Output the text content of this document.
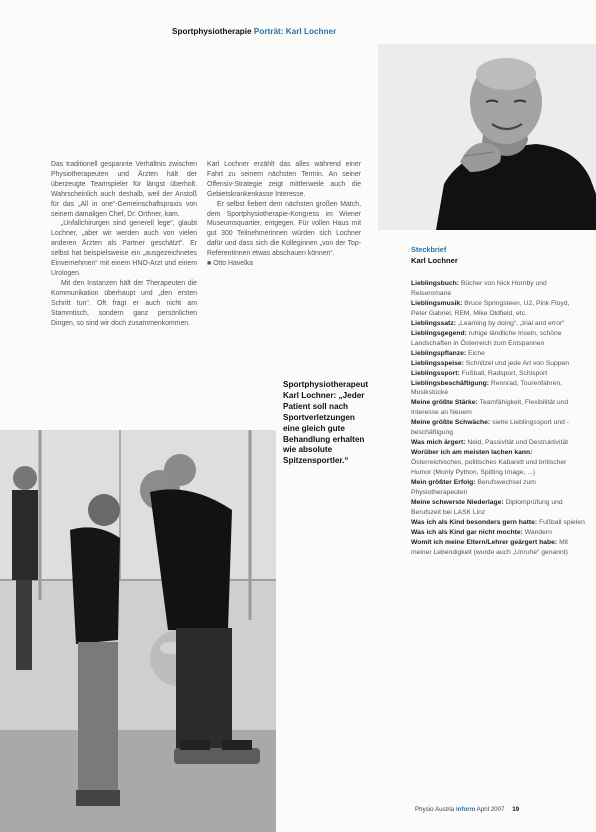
Sportphysiotherapie Porträt: Karl Lochner

Das traditionell gespannte Verhältnis zwischen Physiotherapeuten und Ärzten hält der überzeugte Teamspieler für längst überholt. Wahrscheinlich auch deshalb, weil der Anstoß für das „All in one“-Gemeinschaftspraxis von seinem damaligen Chef, Dr. Orthner, kam.

„Unfallchirurgen sind generell lege“, glaubt Lochner, „aber wir werden auch von vielen anderen Ärzten als Partner geschätzt“. Er selbst hat beispielsweise ein „ausgezeichnetes Einvernehmen“ mit einem HNO-Arzt und einem Urologen.

Mit den Instanzen hält der Therapeuten die Kommunikation überhaupt und „den ersten Schritt tun“. Oft fragt er auch nicht am Stammtisch, sondern ganz persönlichen Dingen, so sind wir doch zusammenkommen.

Karl Lochner erzählt das alles während einer Fahrt zu seinem nächsten Termin. An seiner Offensiv-Strategie zeigt mittlerweile auch die Gebietskrankenkasse Interesse.

Er selbst fiebert dem nächsten großen Match, dem Sportphysiotherapie-Kongress im Wiener Museumsquartier, entgegen. Für vollen Haus mit gut 300 Teilnehmerinnen würden sich Lochner dafür und dass sich die Kolleginnen „von der Top-Referentinnen etwas abschauen können“.

■ Otto Havelka

Sportphysiotherapeut Karl Lochner: „Jeder Patient soll nach Sportverletzungen eine gleich gute Behandlung erhalten wie absolute Spitzensportler.“

Steckbrief

Karl Lochner

Lieblingsbuch: Bücher von Nick Hornby und Reiseromane

Lieblingsmusik: Bruce Springsteen, U2, Pink Floyd, Peter Gabriel, REM, Mike Oldfield, etc.

Lieblingssatz: „Learning by doing“, „trial and error“

Lieblingsgegend: ruhige ländliche Inseln, schöne Landschaften in Österreich zum Entspannen

Lieblingspflanze: Eiche

Lieblingsspeise: Schnitzel und jede Art von Suppen

Lieblingssport: Fußball, Radsport, Schisport

Lieblingsbeschäftigung: Rennrad, Tourenfahren, Musikstücke

Meine größte Stärke: Teamfähigkeit, Flexibilität und Interesse an Neuem

Meine größte Schwäche: siehe Lieblingssport und -beschäftigung

Was mich ärgert: Neid, Passivität und Destruktivität

Worüber ich am meisten lachen kann: Österreichisches, politisches Kabarett und britischer Humor (Monty Python, Spitting Image, ...)

Mein größter Erfolg: Berufswechsel zum Physiotherapeuten

Meine schwerste Niederlage: Diplomprüfung und Berufszeit bei LASK Linz

Was ich als Kind besonders gern hatte: Fußball spielen

Was ich als Kind gar nicht mochte: Wandern

Womit ich meine Eltern/Lehrer geärgert habe: Mit meiner Lebendigkeit (wurde auch „Unruhe“ genannt)

Physio Austria inform April 2007 19
